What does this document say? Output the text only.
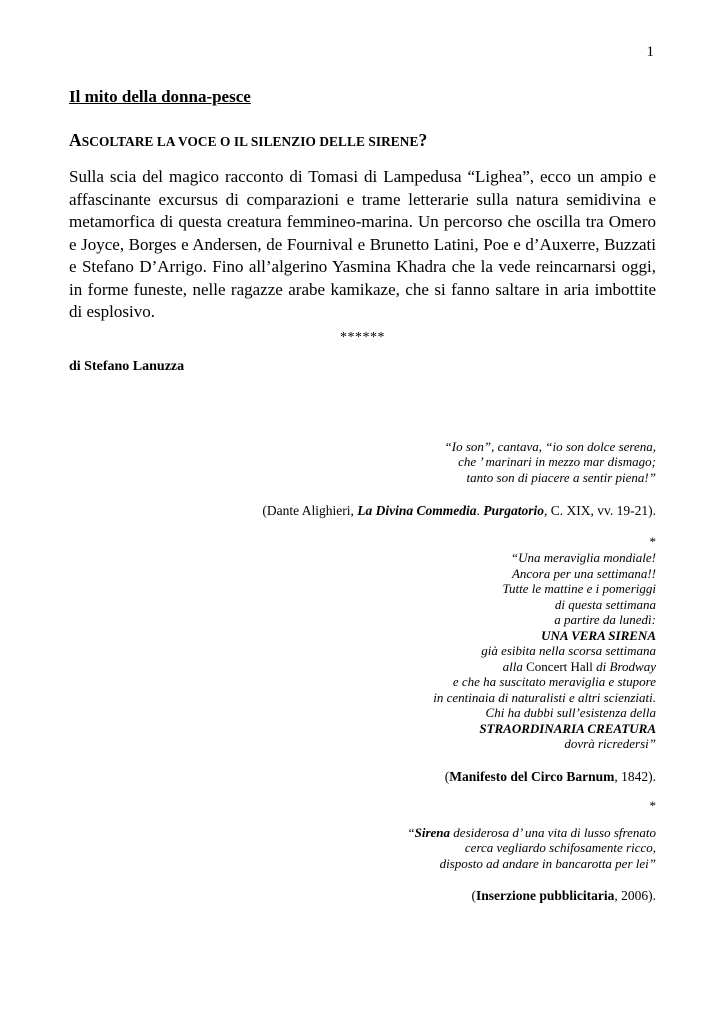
1
Il mito della donna-pesce
ASCOLTARE LA VOCE O IL SILENZIO DELLE SIRENE?

Sulla scia del magico racconto di Tomasi di Lampedusa “Lighea”, ecco un ampio e affascinante excursus di comparazioni e trame letterarie sulla natura semidivina e metamorfica di questa creatura femmineo-marina. Un percorso che oscilla tra Omero e Joyce, Borges e Andersen, de Fournival e Brunetto Latini, Poe e d’Auxerre, Buzzati e Stefano D’Arrigo. Fino all’algerino Yasmina Khadra che la vede reincarnarsi oggi, in forme funeste, nelle ragazze arabe kamikaze, che si fanno saltare in aria imbottite di esplosivo.

******
di Stefano Lanuzza
“Io son”, cantava, “io son dolce serena,
che ’ marinari in mezzo mar dismago;
tanto son di piacere a sentir piena!”
(Dante Alighieri, La Divina Commedia. Purgatorio, C. XIX, vv. 19-21).
*
“Una meraviglia mondiale!
Ancora per una settimana!!
Tutte le mattine e i pomeriggi
di questa settimana
a partire da lunedì:
UNA VERA SIRENA
già esibita nella scorsa settimana
alla Concert Hall di Brodway
e che ha suscitato meraviglia e stupore
in centinaia di naturalisti e altri scienziati.
Chi ha dubbi sull’esistenza della
STRAORDINARIA CREATURA
dovrà ricredersi”
(Manifesto del Circo Barnum, 1842).
*
“Sirena desiderosa d’ una vita di lusso sfrenato
cerca vegliardo schifosamente ricco,
disposto ad andare in bancarotta per lei”
(Inserzione pubblicitaria, 2006).
